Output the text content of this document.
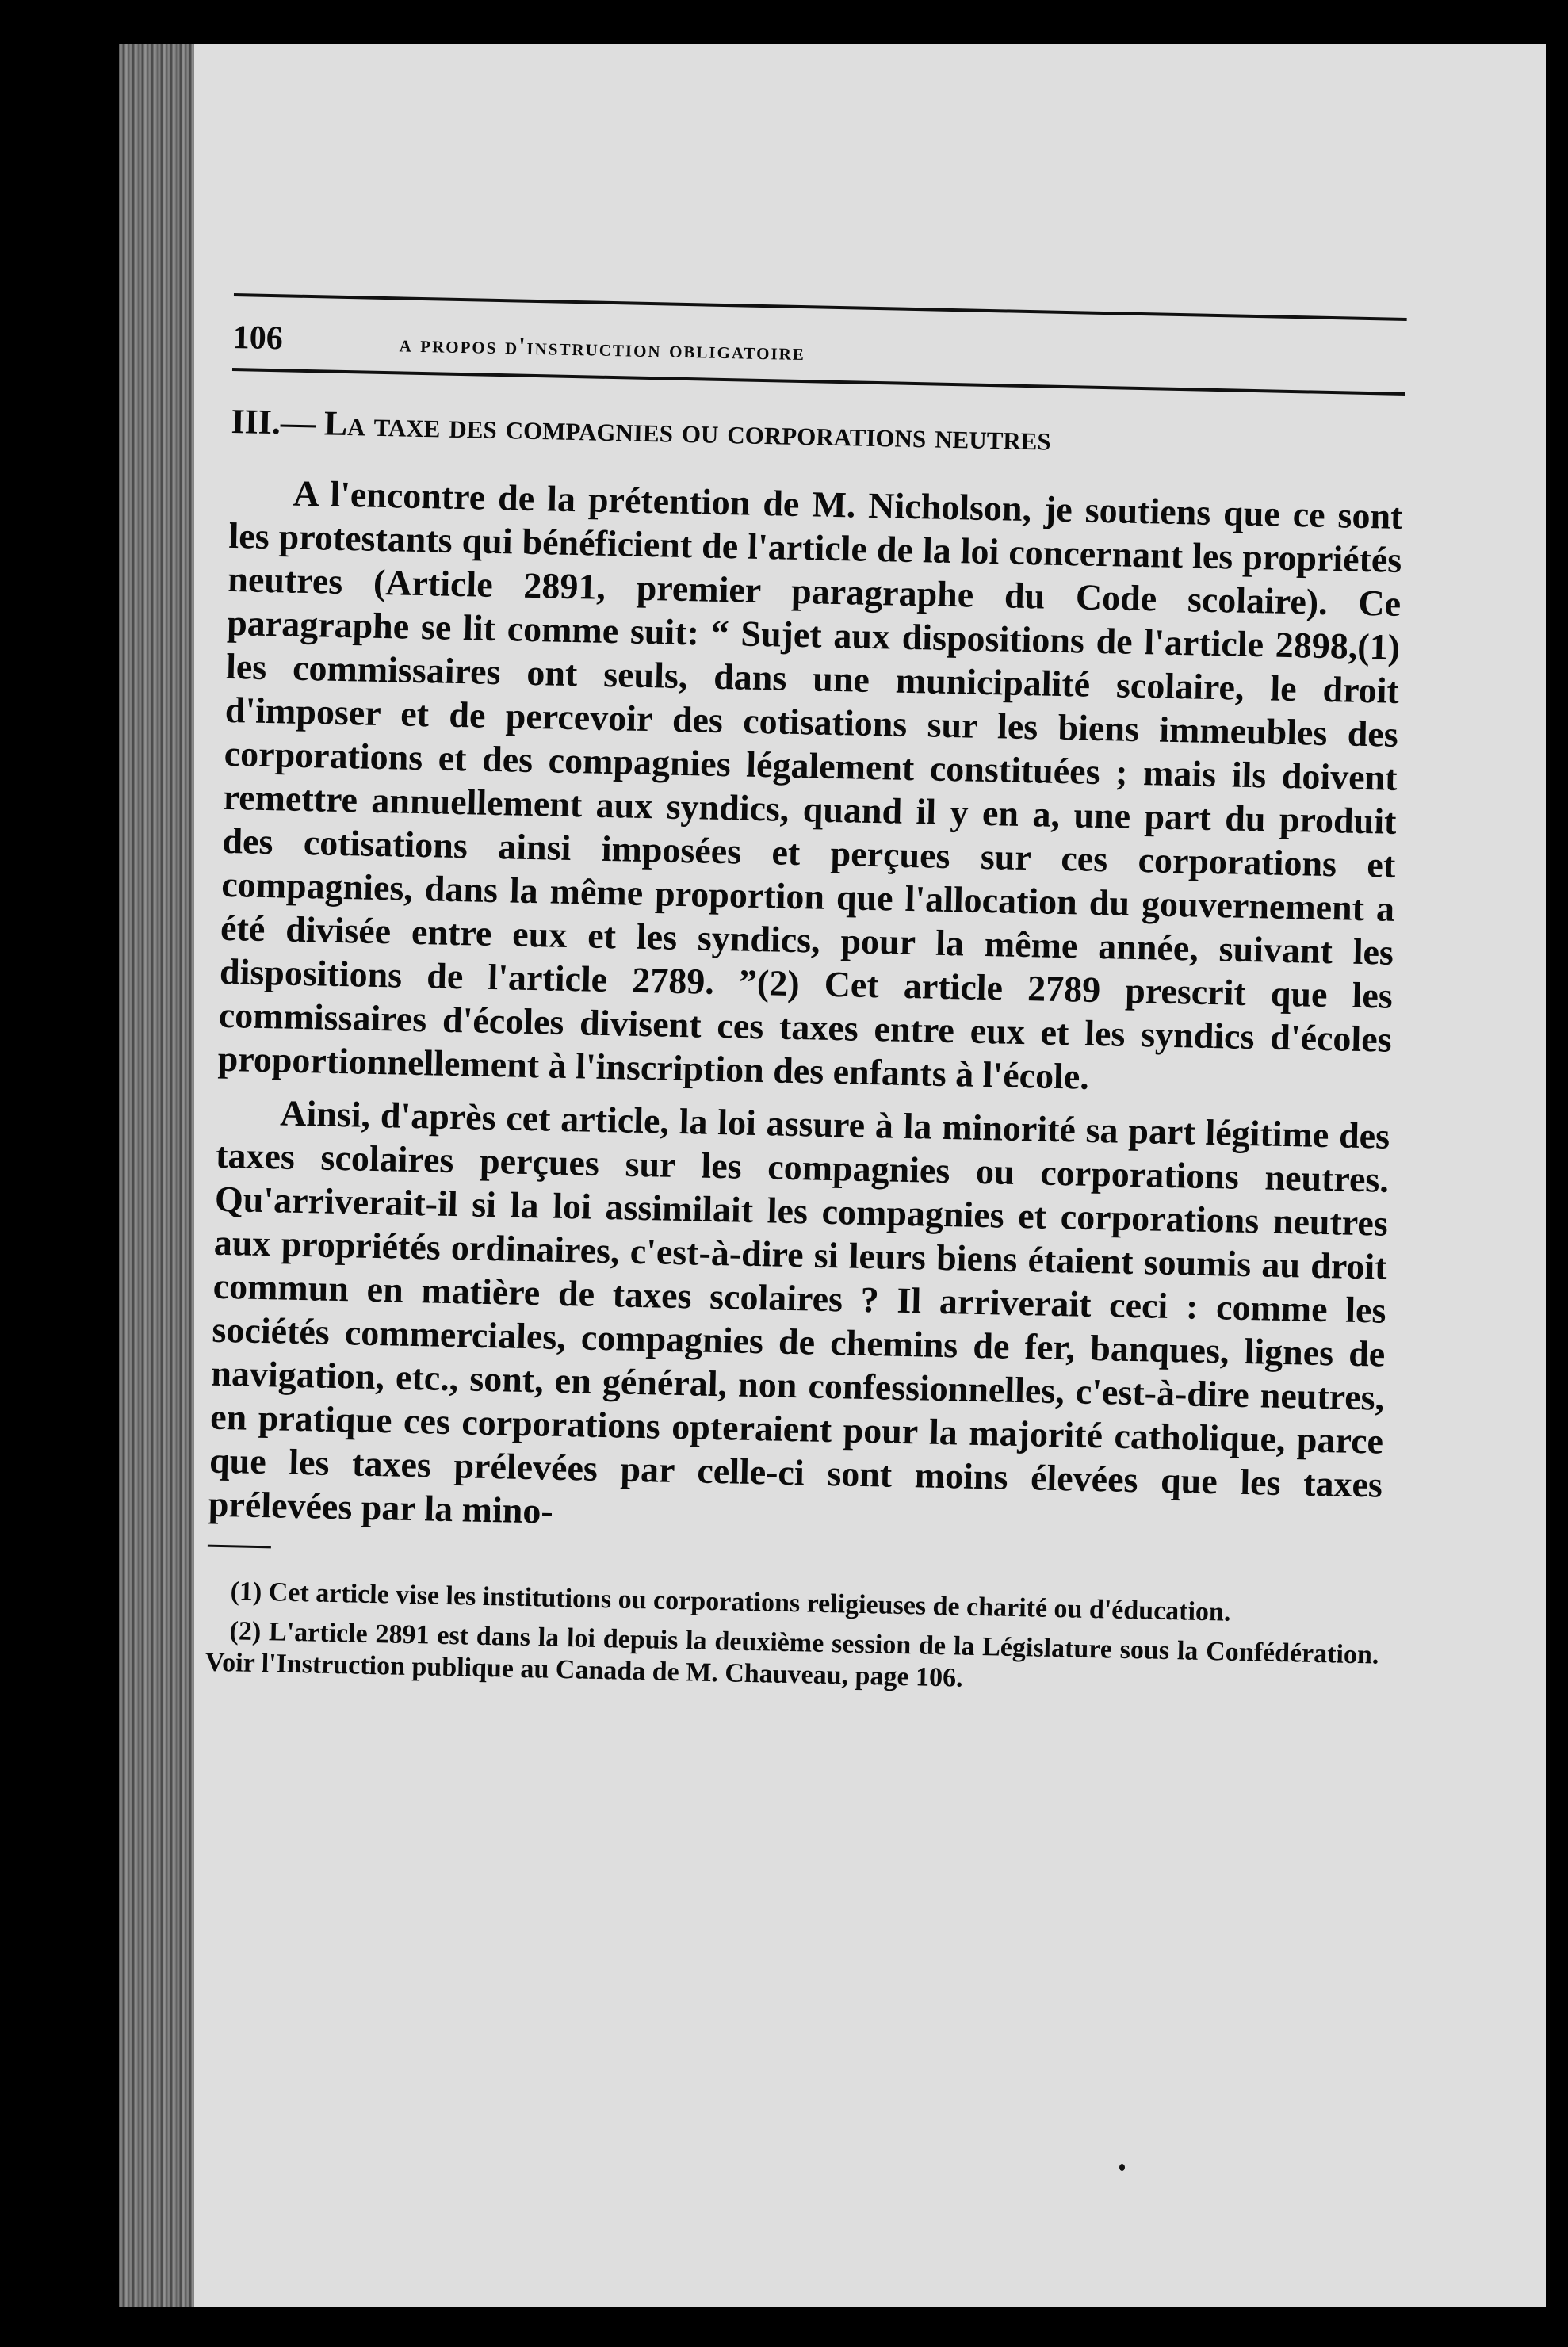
106	a propos d'instruction obligatoire
III.— La taxe des compagnies ou corporations neutres

A l'encontre de la prétention de M. Nicholson, je soutiens que ce sont les protestants qui bénéficient de l'article de la loi concernant les propriétés neutres (Article 2891, premier paragraphe du Code scolaire). Ce paragraphe se lit comme suit: “ Sujet aux dispositions de l'article 2898,(1) les commissaires ont seuls, dans une municipalité scolaire, le droit d'imposer et de percevoir des cotisations sur les biens immeubles des corporations et des compagnies légalement constituées ; mais ils doivent remettre annuellement aux syndics, quand il y en a, une part du produit des cotisations ainsi imposées et perçues sur ces corporations et compagnies, dans la même proportion que l'allocation du gouvernement a été divisée entre eux et les syndics, pour la même année, suivant les dispositions de l'article 2789. ”(2) Cet article 2789 prescrit que les commissaires d'écoles divisent ces taxes entre eux et les syndics d'écoles proportionnellement à l'inscription des enfants à l'école.

Ainsi, d'après cet article, la loi assure à la minorité sa part légitime des taxes scolaires perçues sur les compagnies ou corporations neutres. Qu'arriverait-il si la loi assimilait les compagnies et corporations neutres aux propriétés ordinaires, c'est-à-dire si leurs biens étaient soumis au droit commun en matière de taxes scolaires ? Il arriverait ceci : comme les sociétés commerciales, compagnies de chemins de fer, banques, lignes de navigation, etc., sont, en général, non confessionnelles, c'est-à-dire neutres, en pratique ces corporations opteraient pour la majorité catholique, parce que les taxes prélevées par celle-ci sont moins élevées que les taxes prélevées par la mino-

(1) Cet article vise les institutions ou corporations religieuses de charité ou d'éducation.

(2) L'article 2891 est dans la loi depuis la deuxième session de la Législature sous la Confédération. Voir l'Instruction publique au Canada de M. Chauveau, page 106.
